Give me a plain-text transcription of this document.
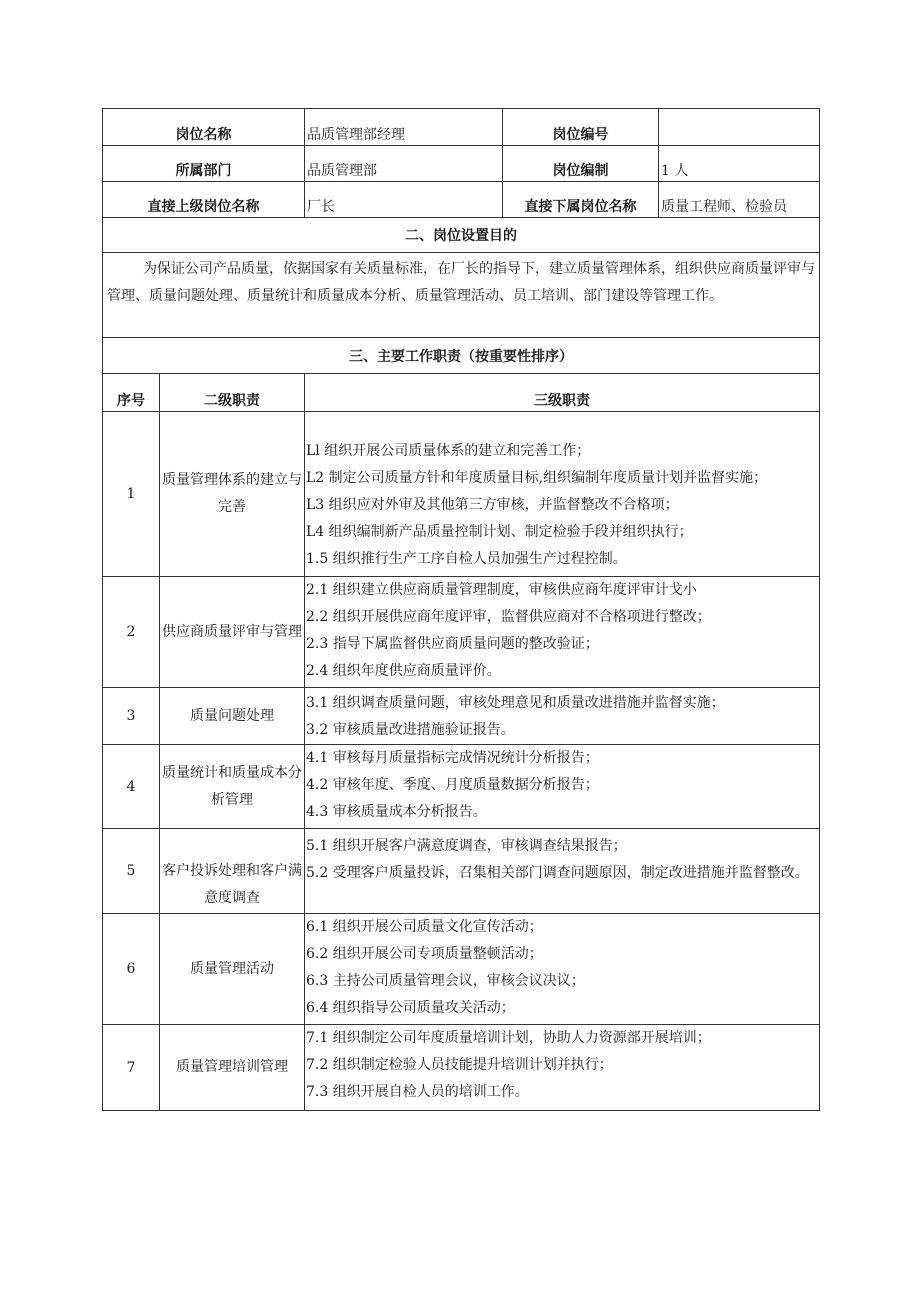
岗位名称		品质管理部经理	岗位编号	
所属部门		品质管理部	岗位编制	1 人
直接上级岗位名称		厂长	直接下属岗位名称	质量工程师、检验员
二、岗位设置目的				

为保证公司产品质量，依据国家有关质量标准，在厂长的指导下，建立质量管理体系，组织供应商质量评审与管理、质量问题处理、质量统计和质量成本分析、质量管理活动、员工培训、部门建设等管理工作。				

三、主要工作职责（按重要性排序）				
序号	二级职责	三级职责		
1	质量管理体系的建立与完善	Ll 组织开展公司质量体系的建立和完善工作；
L2 制定公司质量方针和年度质量目标,组织编制年度质量计划并监督实施；
L3 组织应对外审及其他第三方审核，并监督整改不合格项；
L4 组织编制新产品质量控制计划、制定检验手段并组织执行；
1.5 组织推行生产工序自检人员加强生产过程控制。		

2	供应商质量评审与管理	2.1 组织建立供应商质量管理制度，审核供应商年度评审计戈小
2.2 组织开展供应商年度评审，监督供应商对不合格项进行整改；
2.3 指导下属监督供应商质量问题的整改验证；
2.4 组织年度供应商质量评价。		

3	质量问题处理	3.1 组织调查质量问题，审核处理意见和质量改进措施并监督实施；
3.2 审核质量改进措施验证报告。		

4	质量统计和质量成本分析管理	4.1 审核每月质量指标完成情况统计分析报告；
4.2 审核年度、季度、月度质量数据分析报告；
4.3 审核质量成本分析报告。		

5	客户投诉处理和客户满意度调查	5.1 组织开展客户满意度调查，审核调查结果报告；
5.2 受理客户质量投诉，召集相关部门调查问题原因，制定改进措施并监督整改。		

6	质量管理活动	6.1 组织开展公司质量文化宣传活动；
6.2 组织开展公司专项质量整顿活动；
6.3 主持公司质量管理会议，审核会议决议；
6.4 组织指导公司质量攻关活动；		

7	质量管理培训管理	7.1 组织制定公司年度质量培训计划，协助人力资源部开展培训；
7.2 组织制定检验人员技能提升培训计划并执行；
7.3 组织开展自检人员的培训工作。		
